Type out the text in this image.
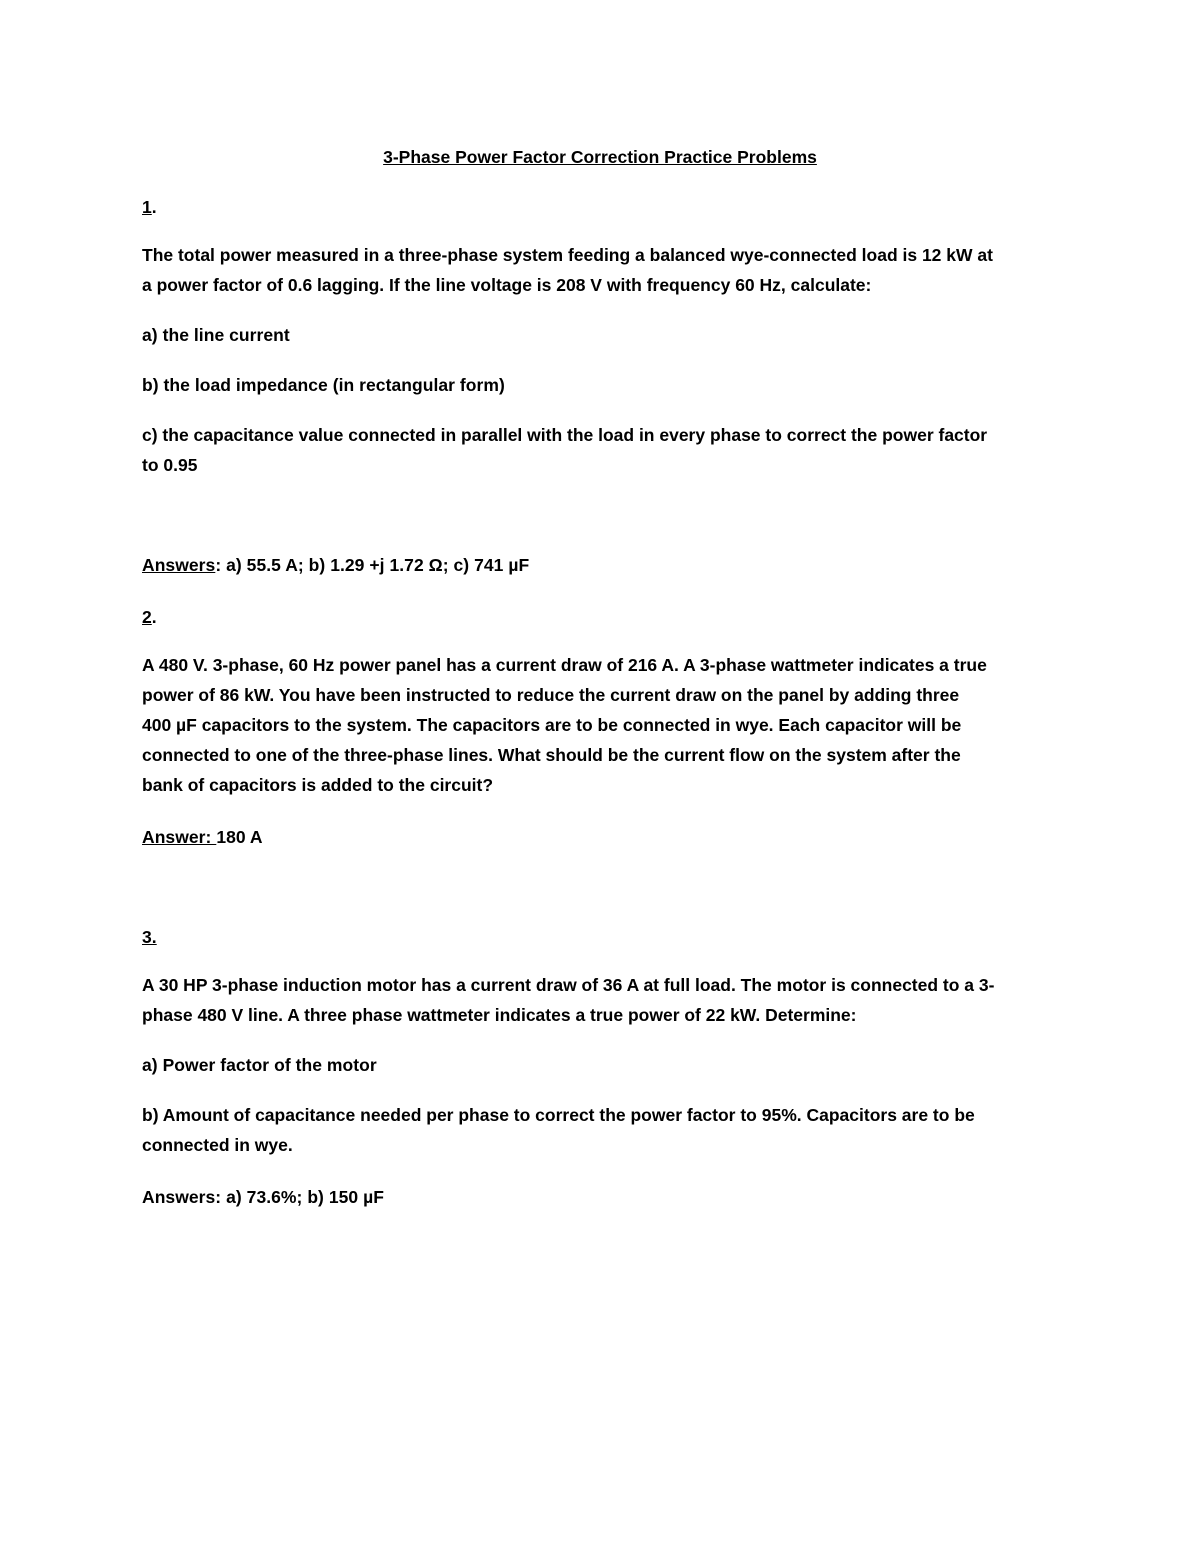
3-Phase Power Factor Correction Practice Problems
1.
The total power measured in a three-phase system feeding a balanced wye-connected load is 12 kW at
a power factor of 0.6 lagging. If the line voltage is 208 V with frequency 60 Hz, calculate:
a) the line current
b) the load impedance (in rectangular form)
c) the capacitance value connected in parallel with the load in every phase to correct the power factor
to 0.95
Answers: a) 55.5 A; b) 1.29 +j 1.72 Ω; c) 741 µF
2.
A 480 V. 3-phase, 60 Hz power panel has a current draw of 216 A. A 3-phase wattmeter indicates a true
power of 86 kW. You have been instructed to reduce the current draw on the panel by adding three
400 µF capacitors to the system. The capacitors are to be connected in wye. Each capacitor will be
connected to one of the three-phase lines. What should be the current flow on the system after the
bank of capacitors is added to the circuit?
Answer: 180 A
3.
A 30 HP 3-phase induction motor has a current draw of 36 A at full load. The motor is connected to a 3-
phase 480 V line. A three phase wattmeter indicates a true power of 22 kW. Determine:
a) Power factor of the motor
b) Amount of capacitance needed per phase to correct the power factor to 95%. Capacitors are to be
connected in wye.
Answers: a) 73.6%; b) 150 µF
